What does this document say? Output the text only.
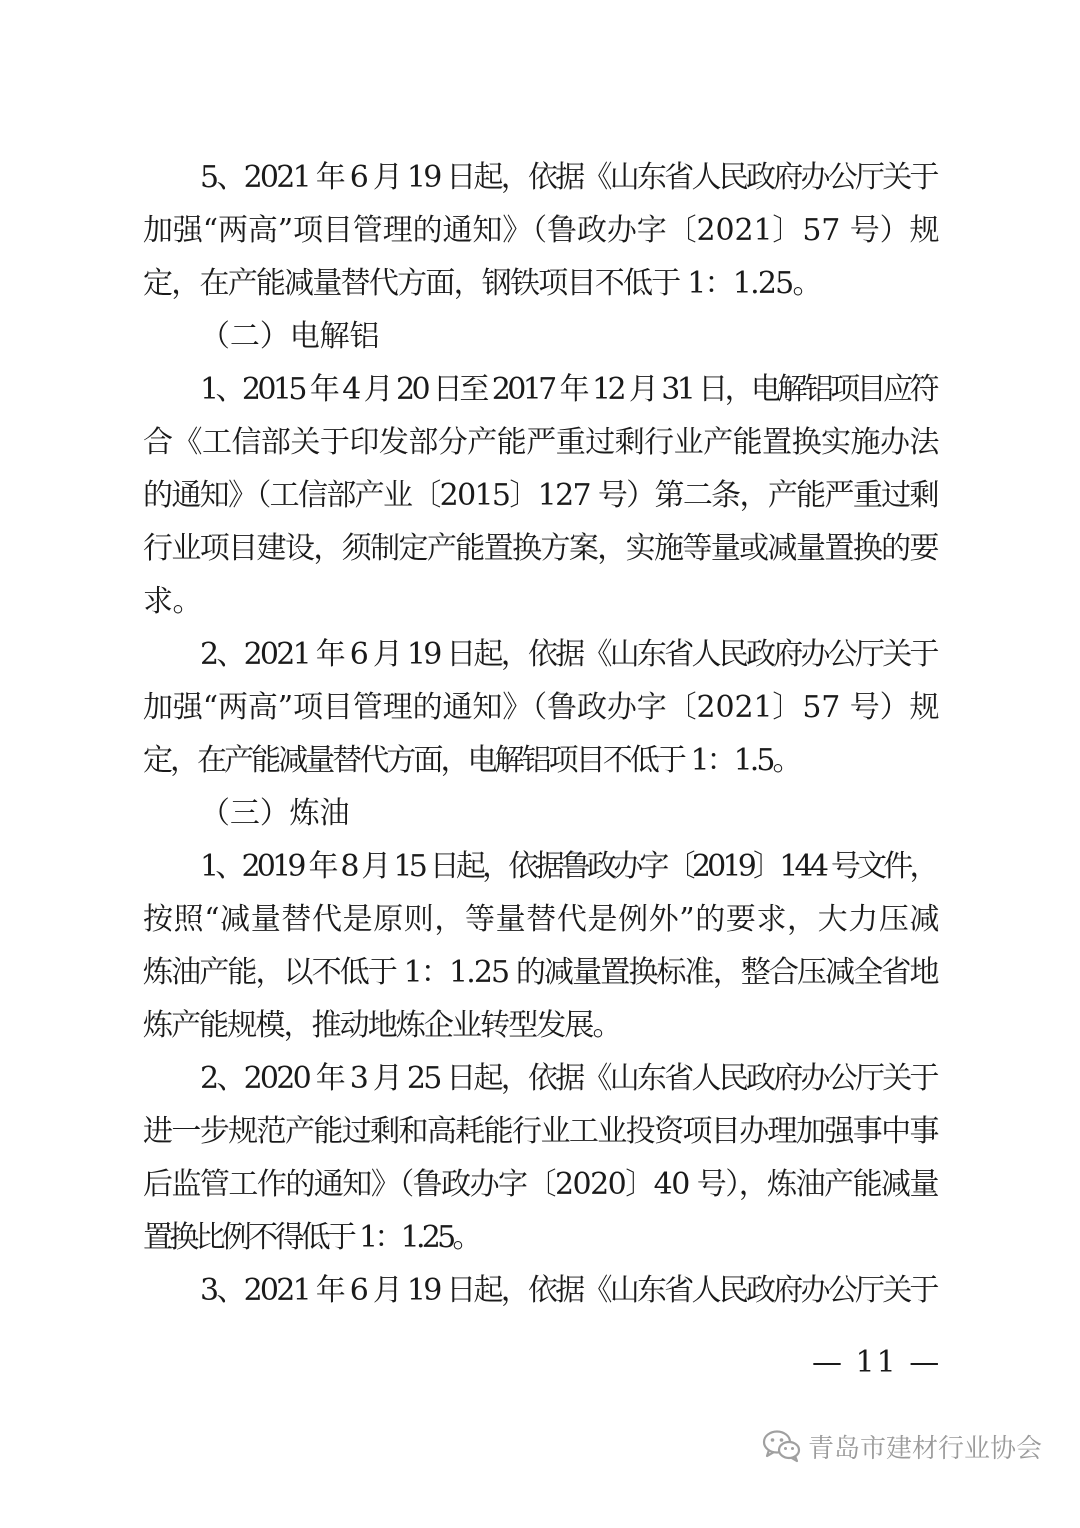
5、2021 年 6 月 19 日起，依据《山东省人民政府办公厅关于
加强“两高”项目管理的通知》（鲁政办字〔2021〕57 号）规
定，在产能减量替代方面，钢铁项目不低于 1：1.25。
（二）电解铝
1、2015 年 4 月 20 日至 2017 年 12 月 31 日，电解铝项目应符
合《工信部关于印发部分产能严重过剩行业产能置换实施办法
的通知》（工信部产业〔2015〕127 号）第二条，产能严重过剩
行业项目建设，须制定产能置换方案，实施等量或减量置换的要
求。
2、2021 年 6 月 19 日起，依据《山东省人民政府办公厅关于
加强“两高”项目管理的通知》（鲁政办字〔2021〕57 号）规
定，在产能减量替代方面，电解铝项目不低于 1：1.5。
（三）炼油
1、2019 年 8 月 15 日起，依据鲁政办字〔2019〕144 号文件，
按照“减量替代是原则，等量替代是例外”的要求，大力压减
炼油产能，以不低于 1：1.25 的减量置换标准，整合压减全省地
炼产能规模，推动地炼企业转型发展。
2、2020 年 3 月 25 日起，依据《山东省人民政府办公厅关于
进一步规范产能过剩和高耗能行业工业投资项目办理加强事中事
后监管工作的通知》（鲁政办字〔2020〕40 号），炼油产能减量
置换比例不得低于 1：1.25。
3、2021 年 6 月 19 日起，依据《山东省人民政府办公厅关于
— 11 —
青岛市建材行业协会
